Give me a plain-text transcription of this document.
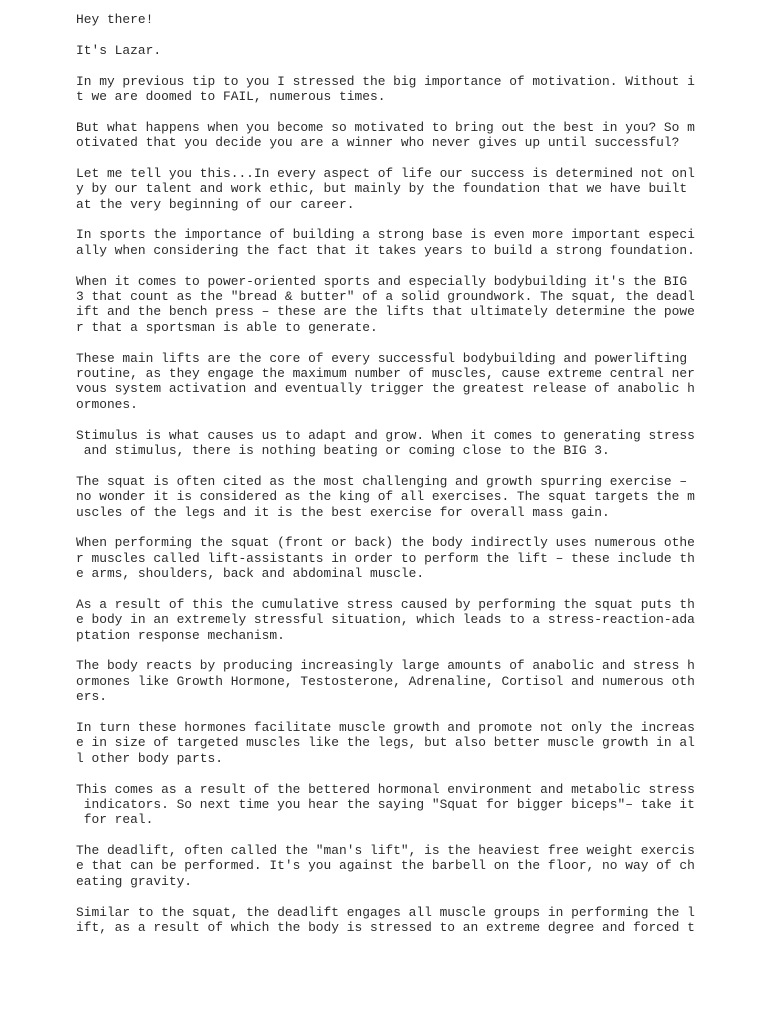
Hey there!

It's Lazar.

In my previous tip to you I stressed the big importance of motivation. Without i
t we are doomed to FAIL, numerous times.

But what happens when you become so motivated to bring out the best in you? So m
otivated that you decide you are a winner who never gives up until successful?

Let me tell you this...In every aspect of life our success is determined not onl
y by our talent and work ethic, but mainly by the foundation that we have built
at the very beginning of our career.

In sports the importance of building a strong base is even more important especi
ally when considering the fact that it takes years to build a strong foundation.

When it comes to power-oriented sports and especially bodybuilding it's the BIG
3 that count as the "bread & butter" of a solid groundwork. The squat, the deadl
ift and the bench press – these are the lifts that ultimately determine the powe
r that a sportsman is able to generate.

These main lifts are the core of every successful bodybuilding and powerlifting
routine, as they engage the maximum number of muscles, cause extreme central ner
vous system activation and eventually trigger the greatest release of anabolic h
ormones.

Stimulus is what causes us to adapt and grow. When it comes to generating stress
and stimulus, there is nothing beating or coming close to the BIG 3.

The squat is often cited as the most challenging and growth spurring exercise –
no wonder it is considered as the king of all exercises. The squat targets the m
uscles of the legs and it is the best exercise for overall mass gain.

When performing the squat (front or back) the body indirectly uses numerous othe
r muscles called lift-assistants in order to perform the lift – these include th
e arms, shoulders, back and abdominal muscle.

As a result of this the cumulative stress caused by performing the squat puts th
e body in an extremely stressful situation, which leads to a stress-reaction-ada
ptation response mechanism.

The body reacts by producing increasingly large amounts of anabolic and stress h
ormones like Growth Hormone, Testosterone, Adrenaline, Cortisol and numerous oth
ers.

In turn these hormones facilitate muscle growth and promote not only the increas
e in size of targeted muscles like the legs, but also better muscle growth in al
l other body parts.

This comes as a result of the bettered hormonal environment and metabolic stress
indicators. So next time you hear the saying "Squat for bigger biceps"– take it
for real.

The deadlift, often called the "man's lift", is the heaviest free weight exercis
e that can be performed. It's you against the barbell on the floor, no way of ch
eating gravity.

Similar to the squat, the deadlift engages all muscle groups in performing the l
ift, as a result of which the body is stressed to an extreme degree and forced t
